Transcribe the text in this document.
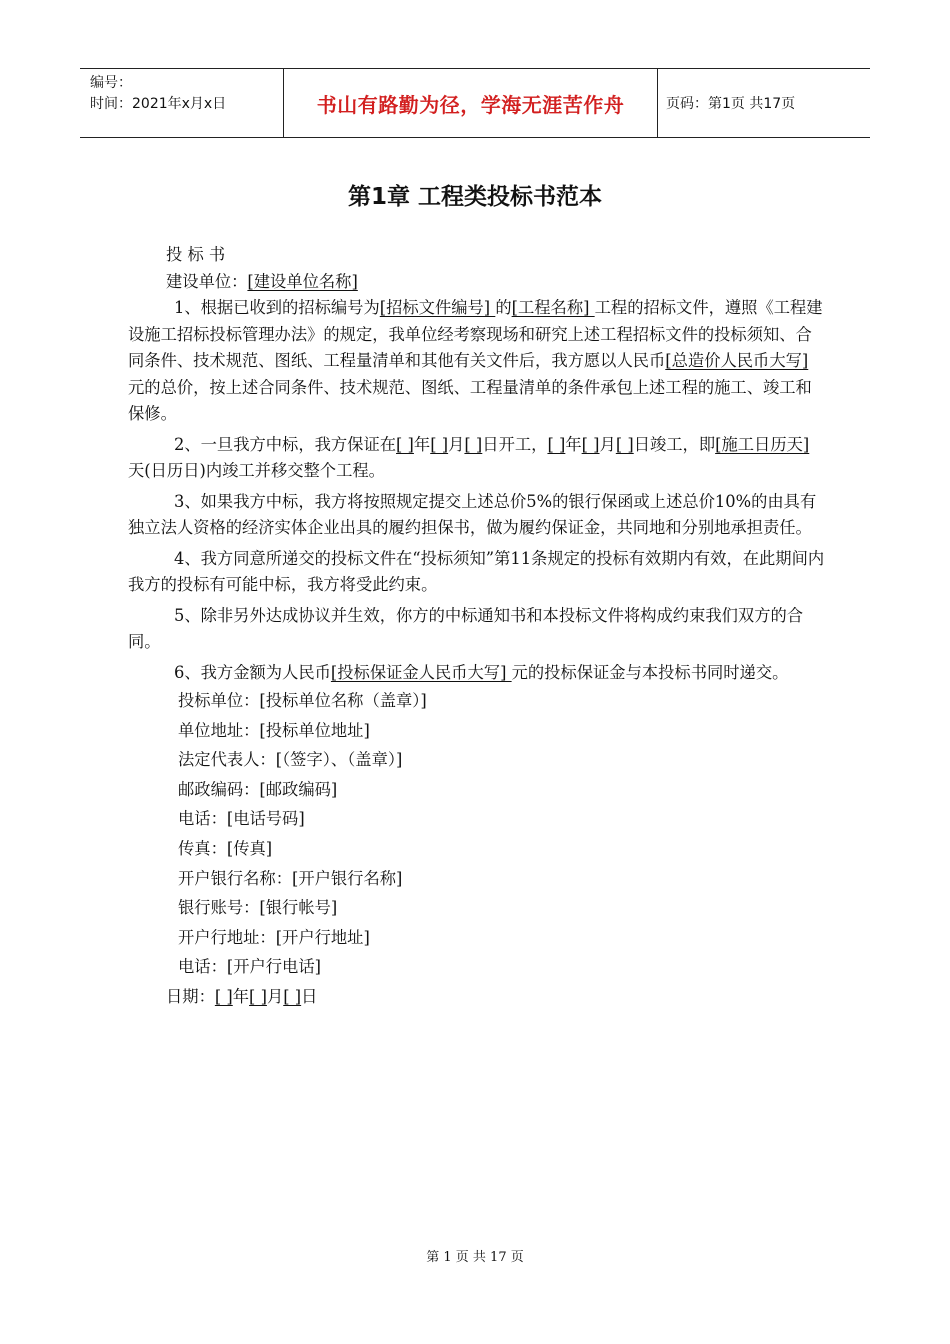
编号：
时间：2021年x月x日	书山有路勤为径，学海无涯苦作舟	页码：第1页 共17页
第1章 工程类投标书范本

投 标 书

建设单位：[建设单位名称]

1、根据已收到的招标编号为[招标文件编号] 的[工程名称] 工程的招标文件，遵照《工程建设施工招标投标管理办法》的规定，我单位经考察现场和研究上述工程招标文件的投标须知、合同条件、技术规范、图纸、工程量清单和其他有关文件后，我方愿以人民币[总造价人民币大写] 元的总价，按上述合同条件、技术规范、图纸、工程量清单的条件承包上述工程的施工、竣工和保修。

2、一旦我方中标，我方保证在[ ]年[ ]月[ ]日开工，[ ]年[ ]月[ ]日竣工，即[施工日历天] 天(日历日)内竣工并移交整个工程。

3、如果我方中标，我方将按照规定提交上述总价5%的银行保函或上述总价10%的由具有独立法人资格的经济实体企业出具的履约担保书，做为履约保证金，共同地和分别地承担责任。

4、我方同意所递交的投标文件在“投标须知”第11条规定的投标有效期内有效，在此期间内我方的投标有可能中标，我方将受此约束。

5、除非另外达成协议并生效，你方的中标通知书和本投标文件将构成约束我们双方的合同。

6、我方金额为人民币[投标保证金人民币大写] 元的投标保证金与本投标书同时递交。

投标单位：[投标单位名称（盖章）]

单位地址：[投标单位地址]

法定代表人：[（签字）、（盖章）]

邮政编码：[邮政编码]

电话：[电话号码]

传真：[传真]

开户银行名称：[开户银行名称]

银行账号：[银行帐号]

开户行地址：[开户行地址]

电话：[开户行电话]

日期：[ ]年[ ]月[ ]日

第 1 页 共 17 页
